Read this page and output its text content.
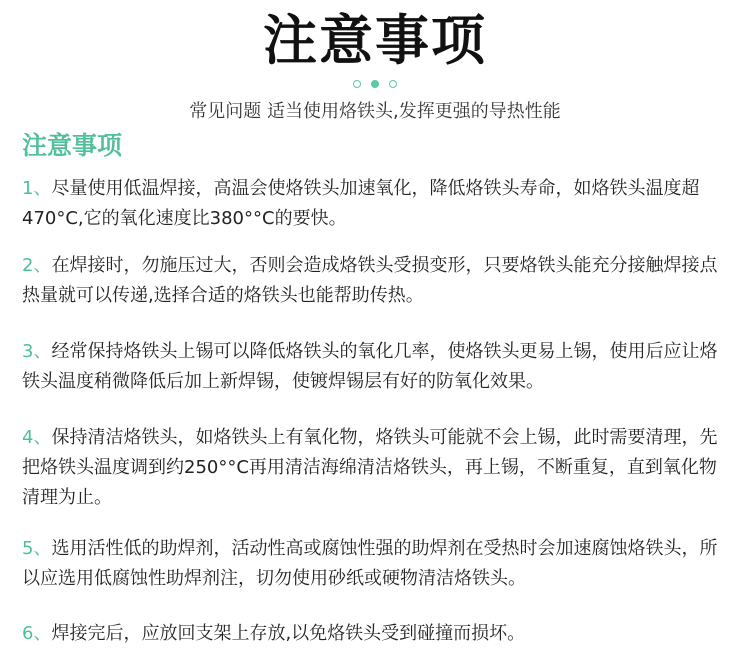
注意事项
常见问题 适当使用烙铁头,发挥更强的导热性能
注意事项
1、尽量使用低温焊接，高温会使烙铁头加速氧化，降低烙铁头寿命，如烙铁头温度超470°C,它的氧化速度比380°°C的要快。
2、在焊接时，勿施压过大，否则会造成烙铁头受损变形，只要烙铁头能充分接触焊接点热量就可以传递,选择合适的烙铁头也能帮助传热。
3、经常保持烙铁头上锡可以降低烙铁头的氧化几率，使烙铁头更易上锡，使用后应让烙铁头温度稍微降低后加上新焊锡，使镀焊锡层有好的防氧化效果。
4、保持清洁烙铁头，如烙铁头上有氧化物，烙铁头可能就不会上锡，此时需要清理，先把烙铁头温度调到约250°°C再用清洁海绵清洁烙铁头，再上锡，不断重复，直到氧化物清理为止。
5、选用活性低的助焊剂，活动性高或腐蚀性强的助焊剂在受热时会加速腐蚀烙铁头，所以应选用低腐蚀性助焊剂注，切勿使用砂纸或硬物清洁烙铁头。
6、焊接完后，应放回支架上存放,以免烙铁头受到碰撞而损坏。
